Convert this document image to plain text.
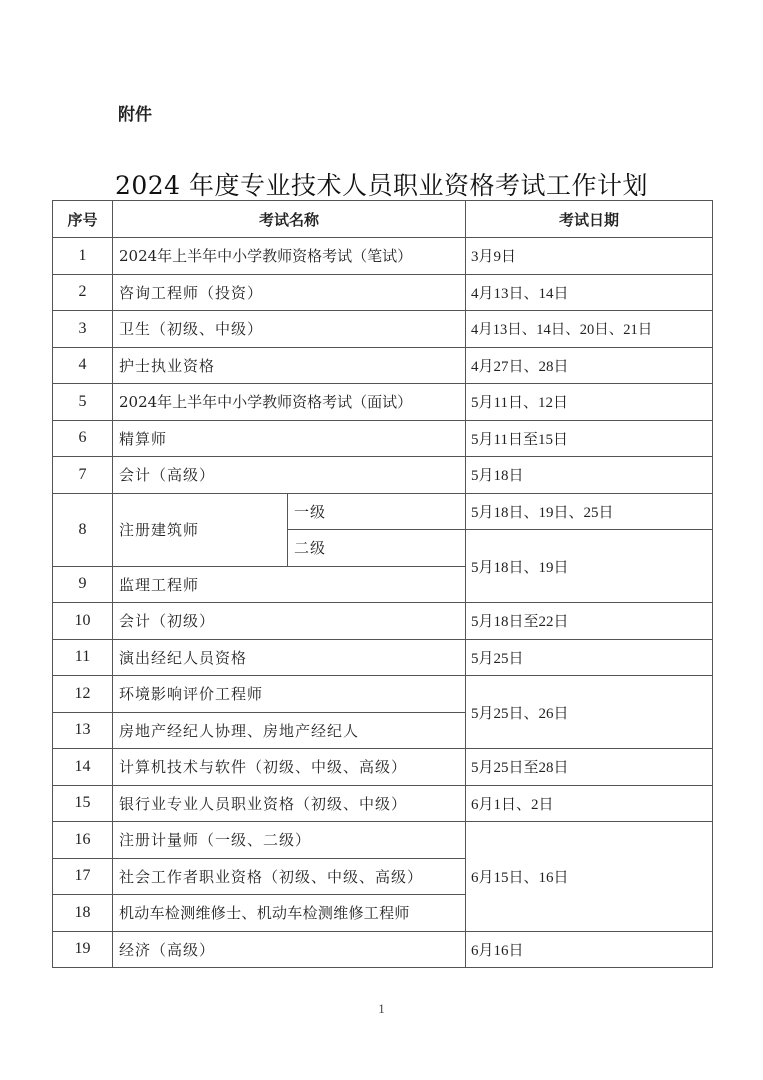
附件
2024 年度专业技术人员职业资格考试工作计划
序号	考试名称		考试日期
1	2024年上半年中小学教师资格考试（笔试）		3月9日
2	咨询工程师（投资）		4月13日、14日
3	卫生（初级、中级）		4月13日、14日、20日、21日
4	护士执业资格		4月27日、28日
5	2024年上半年中小学教师资格考试（面试）		5月11日、12日
6	精算师		5月11日至15日
7	会计（高级）		5月18日
8	注册建筑师	一级	5月18日、19日、25日
		二级	5月18日、19日
9	监理工程师		
10	会计（初级）		5月18日至22日
11	演出经纪人员资格		5月25日
12	环境影响评价工程师		5月25日、26日
13	房地产经纪人协理、房地产经纪人		
14	计算机技术与软件（初级、中级、高级）		5月25日至28日
15	银行业专业人员职业资格（初级、中级）		6月1日、2日
16	注册计量师（一级、二级）		6月15日、16日
17	社会工作者职业资格（初级、中级、高级）		
18	机动车检测维修士、机动车检测维修工程师		
19	经济（高级）		6月16日
1
